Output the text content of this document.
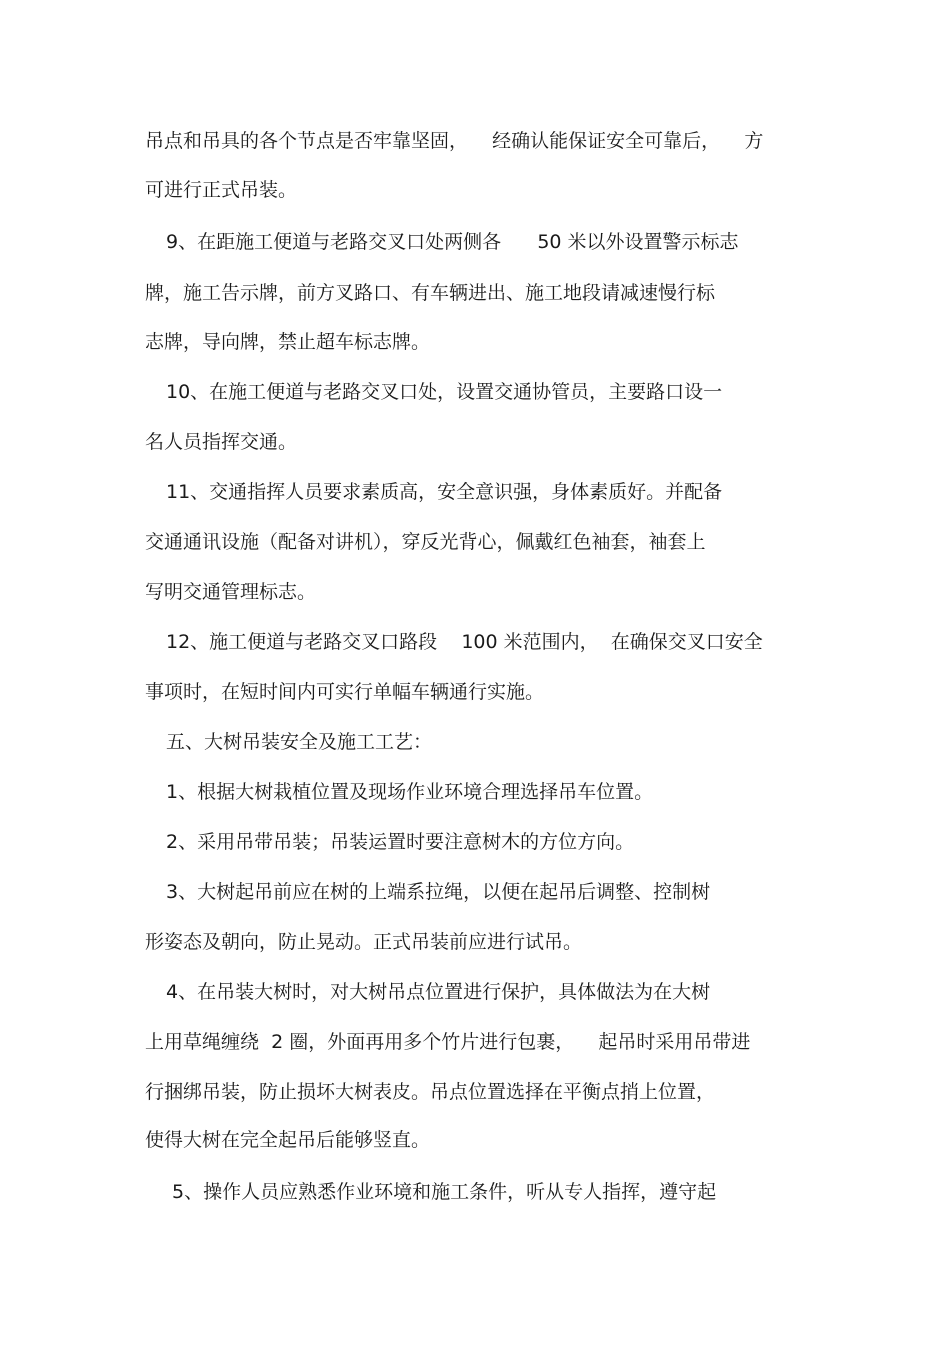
吊点和吊具的各个节点是否牢靠坚固，    经确认能保证安全可靠后，    方
可进行正式吊装。
9、在距施工便道与老路交叉口处两侧各      50 米以外设置警示标志
牌，施工告示牌，前方叉路口、有车辆进出、施工地段请减速慢行标
志牌，导向牌，禁止超车标志牌。
10、在施工便道与老路交叉口处，设置交通协管员，主要路口设一
名人员指挥交通。
11、交通指挥人员要求素质高，安全意识强，身体素质好。并配备
交通通讯设施（配备对讲机），穿反光背心，佩戴红色袖套，袖套上
写明交通管理标志。
12、施工便道与老路交叉口路段    100 米范围内，  在确保交叉口安全
事项时，在短时间内可实行单幅车辆通行实施。
五、大树吊装安全及施工工艺：
1、根据大树栽植位置及现场作业环境合理选择吊车位置。
2、采用吊带吊装；吊装运置时要注意树木的方位方向。
3、大树起吊前应在树的上端系拉绳，以便在起吊后调整、控制树
形姿态及朝向，防止晃动。正式吊装前应进行试吊。
4、在吊装大树时，对大树吊点位置进行保护，具体做法为在大树
上用草绳缠绕  2 圈，外面再用多个竹片进行包裹，    起吊时采用吊带进
行捆绑吊装，防止损坏大树表皮。吊点位置选择在平衡点捎上位置，
使得大树在完全起吊后能够竖直。
5、操作人员应熟悉作业环境和施工条件，听从专人指挥，遵守起
